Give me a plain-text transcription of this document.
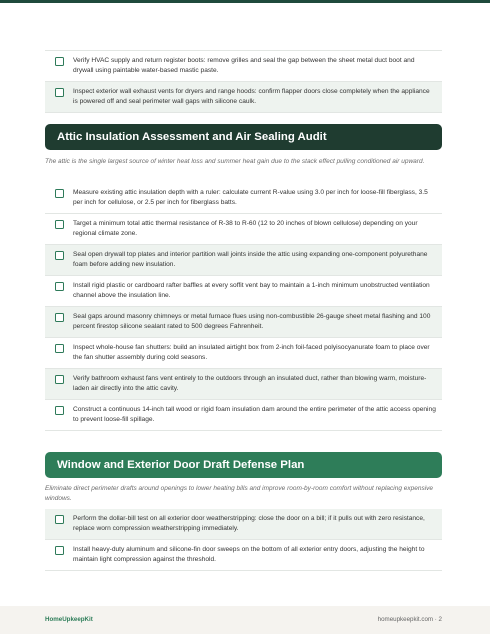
Verify HVAC supply and return register boots: remove grilles and seal the gap between the sheet metal duct boot and drywall using paintable water-based mastic paste.
Inspect exterior wall exhaust vents for dryers and range hoods: confirm flapper doors close completely when the appliance is powered off and seal perimeter wall gaps with silicone caulk.
Attic Insulation Assessment and Air Sealing Audit
The attic is the single largest source of winter heat loss and summer heat gain due to the stack effect pulling conditioned air upward.
Measure existing attic insulation depth with a ruler: calculate current R-value using 3.0 per inch for loose-fill fiberglass, 3.5 per inch for cellulose, or 2.5 per inch for fiberglass batts.
Target a minimum total attic thermal resistance of R-38 to R-60 (12 to 20 inches of blown cellulose) depending on your regional climate zone.
Seal open drywall top plates and interior partition wall joints inside the attic using expanding one-component polyurethane foam before adding new insulation.
Install rigid plastic or cardboard rafter baffles at every soffit vent bay to maintain a 1-inch minimum unobstructed ventilation channel above the insulation line.
Seal gaps around masonry chimneys or metal furnace flues using non-combustible 26-gauge sheet metal flashing and 100 percent firestop silicone sealant rated to 500 degrees Fahrenheit.
Inspect whole-house fan shutters: build an insulated airtight box from 2-inch foil-faced polyisocyanurate foam to place over the fan shutter assembly during cold seasons.
Verify bathroom exhaust fans vent entirely to the outdoors through an insulated duct, rather than blowing warm, moisture-laden air directly into the attic cavity.
Construct a continuous 14-inch tall wood or rigid foam insulation dam around the entire perimeter of the attic access opening to prevent loose-fill spillage.
Window and Exterior Door Draft Defense Plan
Eliminate direct perimeter drafts around openings to lower heating bills and improve room-by-room comfort without replacing expensive windows.
Perform the dollar-bill test on all exterior door weatherstripping: close the door on a bill; if it pulls out with zero resistance, replace worn compression weatherstripping immediately.
Install heavy-duty aluminum and silicone-fin door sweeps on the bottom of all exterior entry doors, adjusting the height to maintain light compression against the threshold.
HomeUpkeepKit	homeupkeepkit.com · 2
